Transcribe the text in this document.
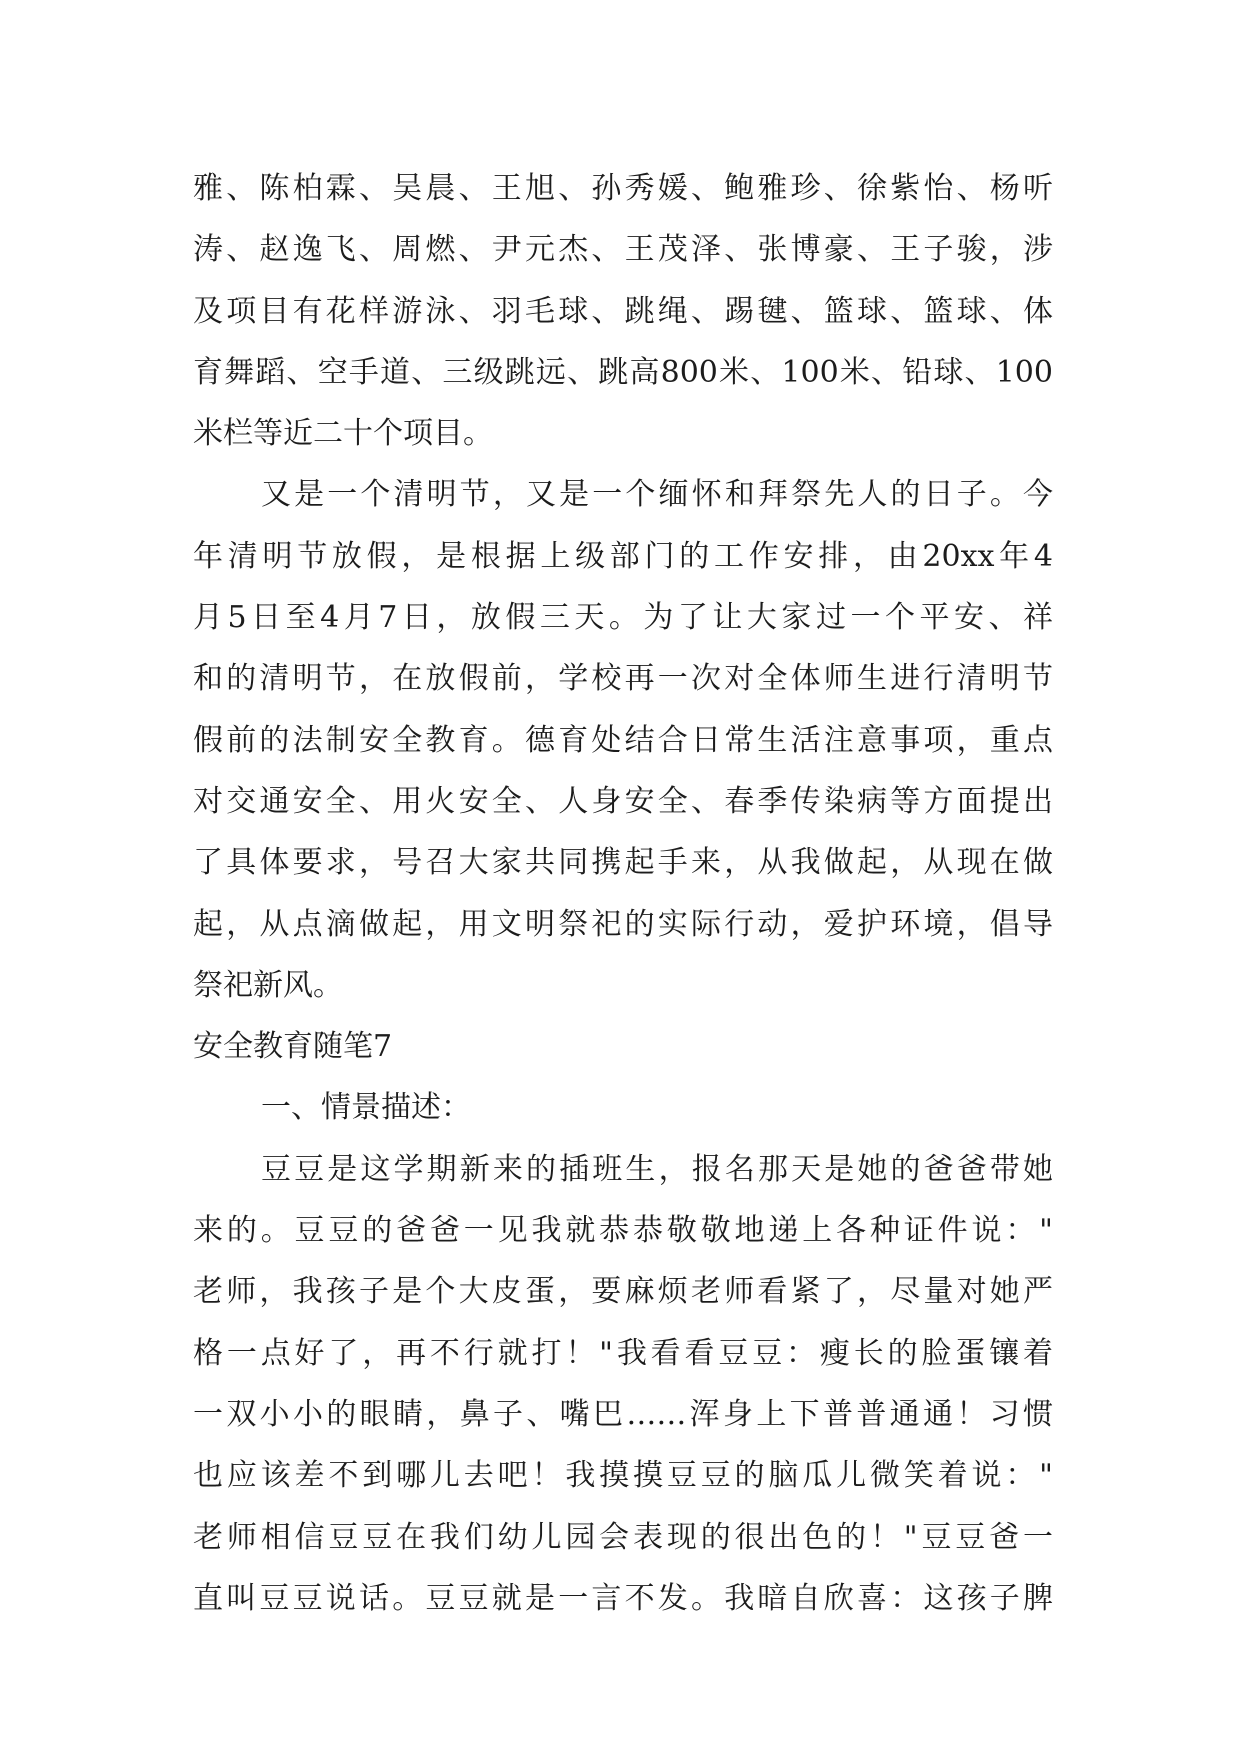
雅、陈柏霖、吴晨、王旭、孙秀媛、鲍雅珍、徐紫怡、杨听
涛、赵逸飞、周燃、尹元杰、王茂泽、张博豪、王子骏，涉
及项目有花样游泳、羽毛球、跳绳、踢毽、篮球、篮球、体
育舞蹈、空手道、三级跳远、跳高800米、100米、铅球、100
米栏等近二十个项目。
又是一个清明节，又是一个缅怀和拜祭先人的日子。今
年清明节放假，是根据上级部门的工作安排，由20xx年4
月5日至4月7日，放假三天。为了让大家过一个平安、祥
和的清明节，在放假前，学校再一次对全体师生进行清明节
假前的法制安全教育。德育处结合日常生活注意事项，重点
对交通安全、用火安全、人身安全、春季传染病等方面提出
了具体要求，号召大家共同携起手来，从我做起，从现在做
起，从点滴做起，用文明祭祀的实际行动，爱护环境，倡导
祭祀新风。
安全教育随笔7
一、情景描述：
豆豆是这学期新来的插班生，报名那天是她的爸爸带她
来的。豆豆的爸爸一见我就恭恭敬敬地递上各种证件说："
老师，我孩子是个大皮蛋，要麻烦老师看紧了，尽量对她严
格一点好了，再不行就打！"我看看豆豆：瘦长的脸蛋镶着
一双小小的眼睛，鼻子、嘴巴……浑身上下普普通通！习惯
也应该差不到哪儿去吧！我摸摸豆豆的脑瓜儿微笑着说："
老师相信豆豆在我们幼儿园会表现的很出色的！"豆豆爸一
直叫豆豆说话。豆豆就是一言不发。我暗自欣喜：这孩子脾
